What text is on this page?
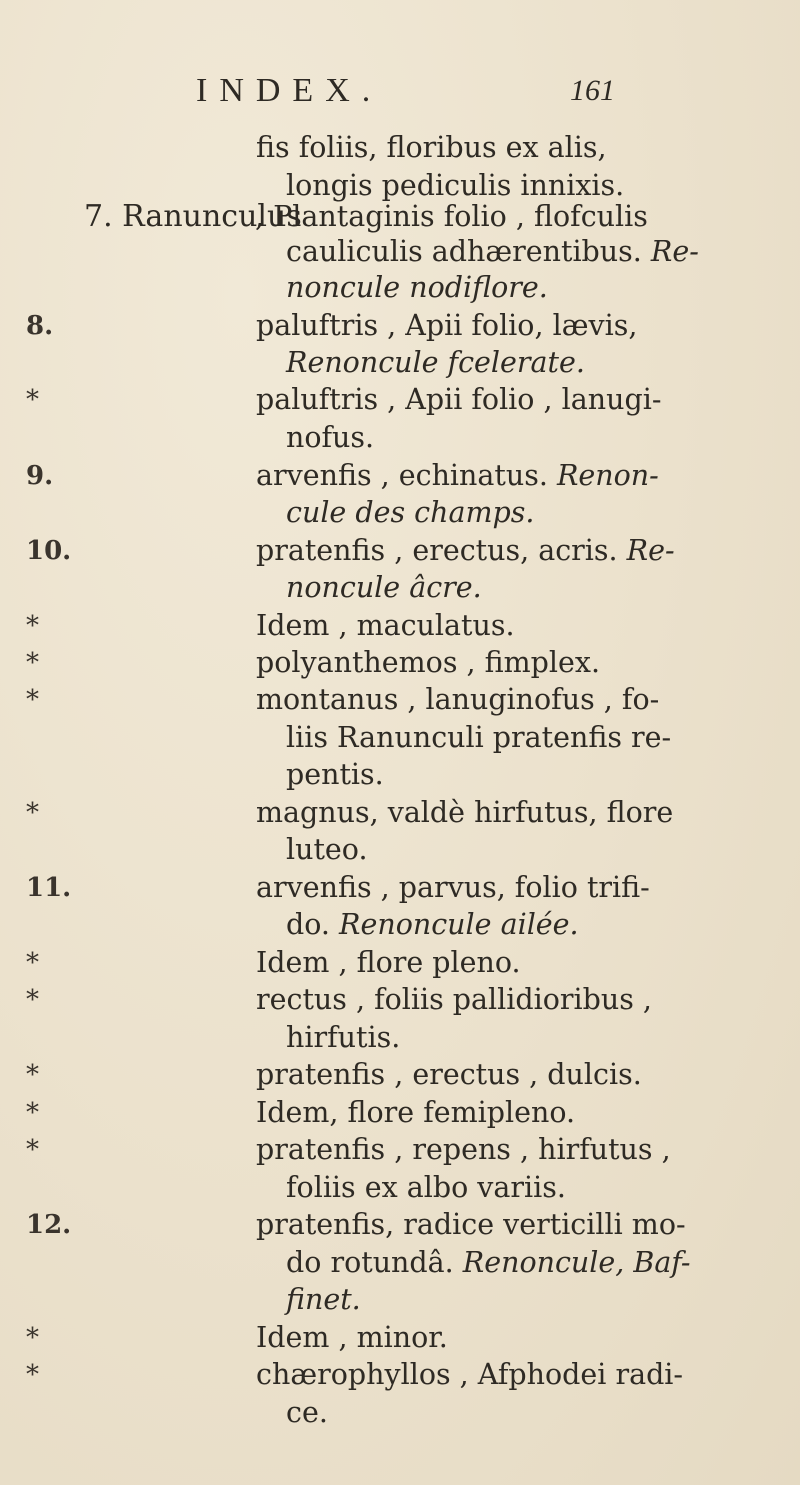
INDEX.	161
fis foliis, floribus ex alis,
longis pediculis innixis.
7. Ranunculus
, Plantaginis folio , flofculis
cauliculis adhærentibus. Re-
noncule nodiflore.
8.	paluftris , Apii folio, lævis,
Renoncule fcelerate.
*	paluftris , Apii folio , lanugi-
nofus.
9.	arvenfis , echinatus. Renon-
cule des champs.
10.	pratenfis , erectus, acris. Re-
noncule âcre.
*	Idem , maculatus.
*	polyanthemos , fimplex.
*	montanus , lanuginofus , fo-
liis Ranunculi pratenfis re-
pentis.
*	magnus, valdè hirfutus, flore
luteo.
11.	arvenfis , parvus, folio trifi-
do. Renoncule ailée.
*	Idem , flore pleno.
*	rectus , foliis pallidioribus ,
hirfutis.
*	pratenfis , erectus , dulcis.
*	Idem, flore femipleno.
*	pratenfis , repens , hirfutus ,
foliis ex albo variis.
12.	pratenfis, radice verticilli mo-
do rotundâ. Renoncule, Baf-
finet.
*	Idem , minor.
*	chærophyllos , Afphodei radi-
ce.
